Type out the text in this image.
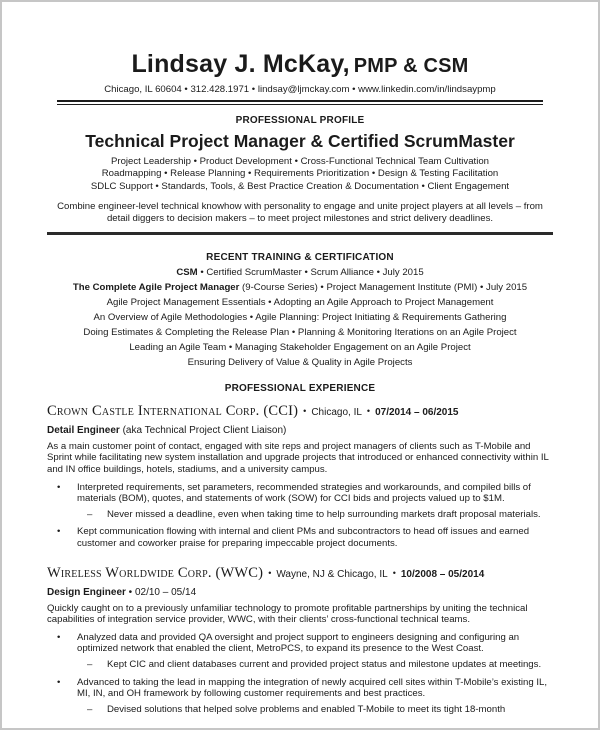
Lindsay J. McKay, PMP & CSM
Chicago, IL 60604 • 312.428.1971 • lindsay@ljmckay.com • www.linkedin.com/in/lindsaypmp
PROFESSIONAL PROFILE
Technical Project Manager & Certified ScrumMaster
Project Leadership • Product Development • Cross-Functional Technical Team Cultivation
Roadmapping • Release Planning • Requirements Prioritization • Design & Testing Facilitation
SDLC Support • Standards, Tools, & Best Practice Creation & Documentation • Client Engagement
Combine engineer-level technical knowhow with personality to engage and unite project players at all levels – from detail diggers to decision makers – to meet project milestones and strict delivery deadlines.
RECENT TRAINING & CERTIFICATION
CSM • Certified ScrumMaster • Scrum Alliance • July 2015
The Complete Agile Project Manager (9-Course Series) • Project Management Institute (PMI) • July 2015
Agile Project Management Essentials • Adopting an Agile Approach to Project Management
An Overview of Agile Methodologies • Agile Planning: Project Initiating & Requirements Gathering
Doing Estimates & Completing the Release Plan • Planning & Monitoring Iterations on an Agile Project
Leading an Agile Team • Managing Stakeholder Engagement on an Agile Project
Ensuring Delivery of Value & Quality in Agile Projects
PROFESSIONAL EXPERIENCE
Crown Castle International Corp. (CCI) • Chicago, IL • 07/2014 – 06/2015
Detail Engineer (aka Technical Project Client Liaison)
As a main customer point of contact, engaged with site reps and project managers of clients such as T-Mobile and Sprint while facilitating new system installation and upgrade projects that introduced or enhanced connectivity within IL and IN office buildings, hotels, stadiums, and a university campus.
•	Interpreted requirements, set parameters, recommended strategies and workarounds, and compiled bills of materials (BOM), quotes, and statements of work (SOW) for CCI bids and projects valued up to $1M.
–	Never missed a deadline, even when taking time to help surrounding markets draft proposal materials.
•	Kept communication flowing with internal and client PMs and subcontractors to head off issues and earned customer and coworker praise for preparing impeccable project documents.
Wireless Worldwide Corp. (WWC) • Wayne, NJ & Chicago, IL • 10/2008 – 05/2014
Design Engineer • 02/10 – 05/14
Quickly caught on to a previously unfamiliar technology to promote profitable partnerships by uniting the technical capabilities of integration service provider, WWC, with their clients’ cross-functional technical teams.
•	Analyzed data and provided QA oversight and project support to engineers designing and configuring an optimized network that enabled the client, MetroPCS, to expand its presence to the West Coast.
–	Kept CIC and client databases current and provided project status and milestone updates at meetings.
•	Advanced to taking the lead in mapping the integration of newly acquired cell sites within T-Mobile’s existing IL, MI, IN, and OH framework by following customer requirements and best practices.
–	Devised solutions that helped solve problems and enabled T-Mobile to meet its tight 18-month
